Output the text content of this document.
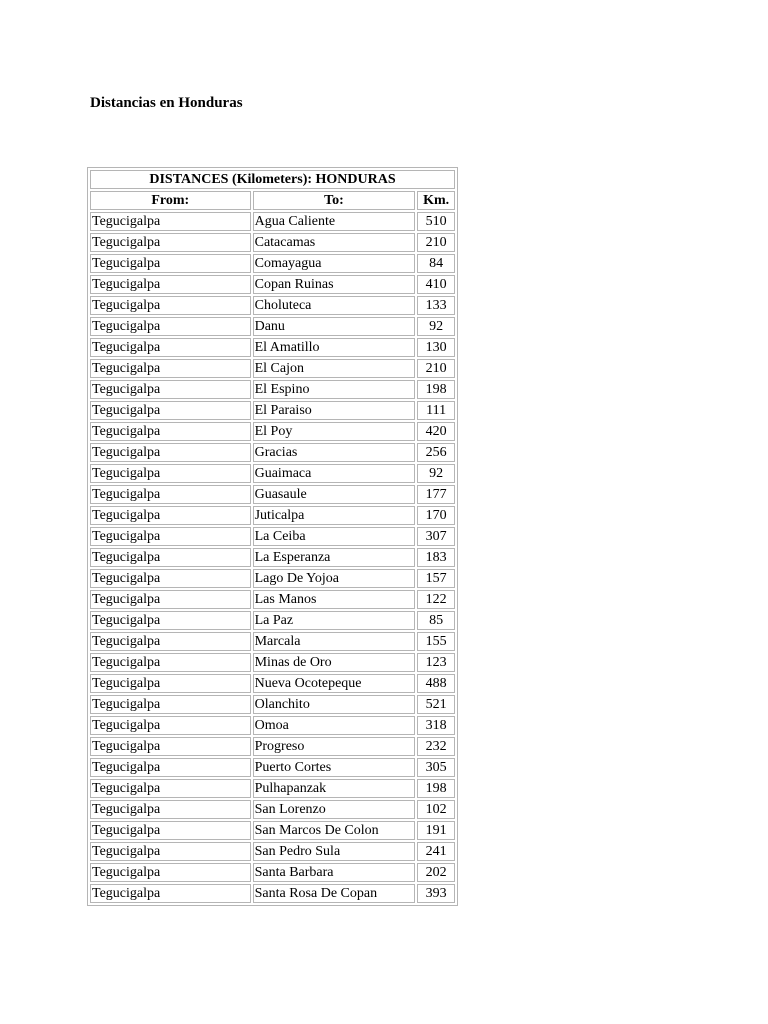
Distancias en Honduras
DISTANCES (Kilometers): HONDURAS		
From:	To:	Km.
Tegucigalpa	Agua Caliente	510
Tegucigalpa	Catacamas	210
Tegucigalpa	Comayagua	84
Tegucigalpa	Copan Ruinas	410
Tegucigalpa	Choluteca	133
Tegucigalpa	Danu	92
Tegucigalpa	El Amatillo	130
Tegucigalpa	El Cajon	210
Tegucigalpa	El Espino	198
Tegucigalpa	El Paraiso	111
Tegucigalpa	El Poy	420
Tegucigalpa	Gracias	256
Tegucigalpa	Guaimaca	92
Tegucigalpa	Guasaule	177
Tegucigalpa	Juticalpa	170
Tegucigalpa	La Ceiba	307
Tegucigalpa	La Esperanza	183
Tegucigalpa	Lago De Yojoa	157
Tegucigalpa	Las Manos	122
Tegucigalpa	La Paz	85
Tegucigalpa	Marcala	155
Tegucigalpa	Minas de Oro	123
Tegucigalpa	Nueva Ocotepeque	488
Tegucigalpa	Olanchito	521
Tegucigalpa	Omoa	318
Tegucigalpa	Progreso	232
Tegucigalpa	Puerto Cortes	305
Tegucigalpa	Pulhapanzak	198
Tegucigalpa	San Lorenzo	102
Tegucigalpa	San Marcos De Colon	191
Tegucigalpa	San Pedro Sula	241
Tegucigalpa	Santa Barbara	202
Tegucigalpa	Santa Rosa De Copan	393
